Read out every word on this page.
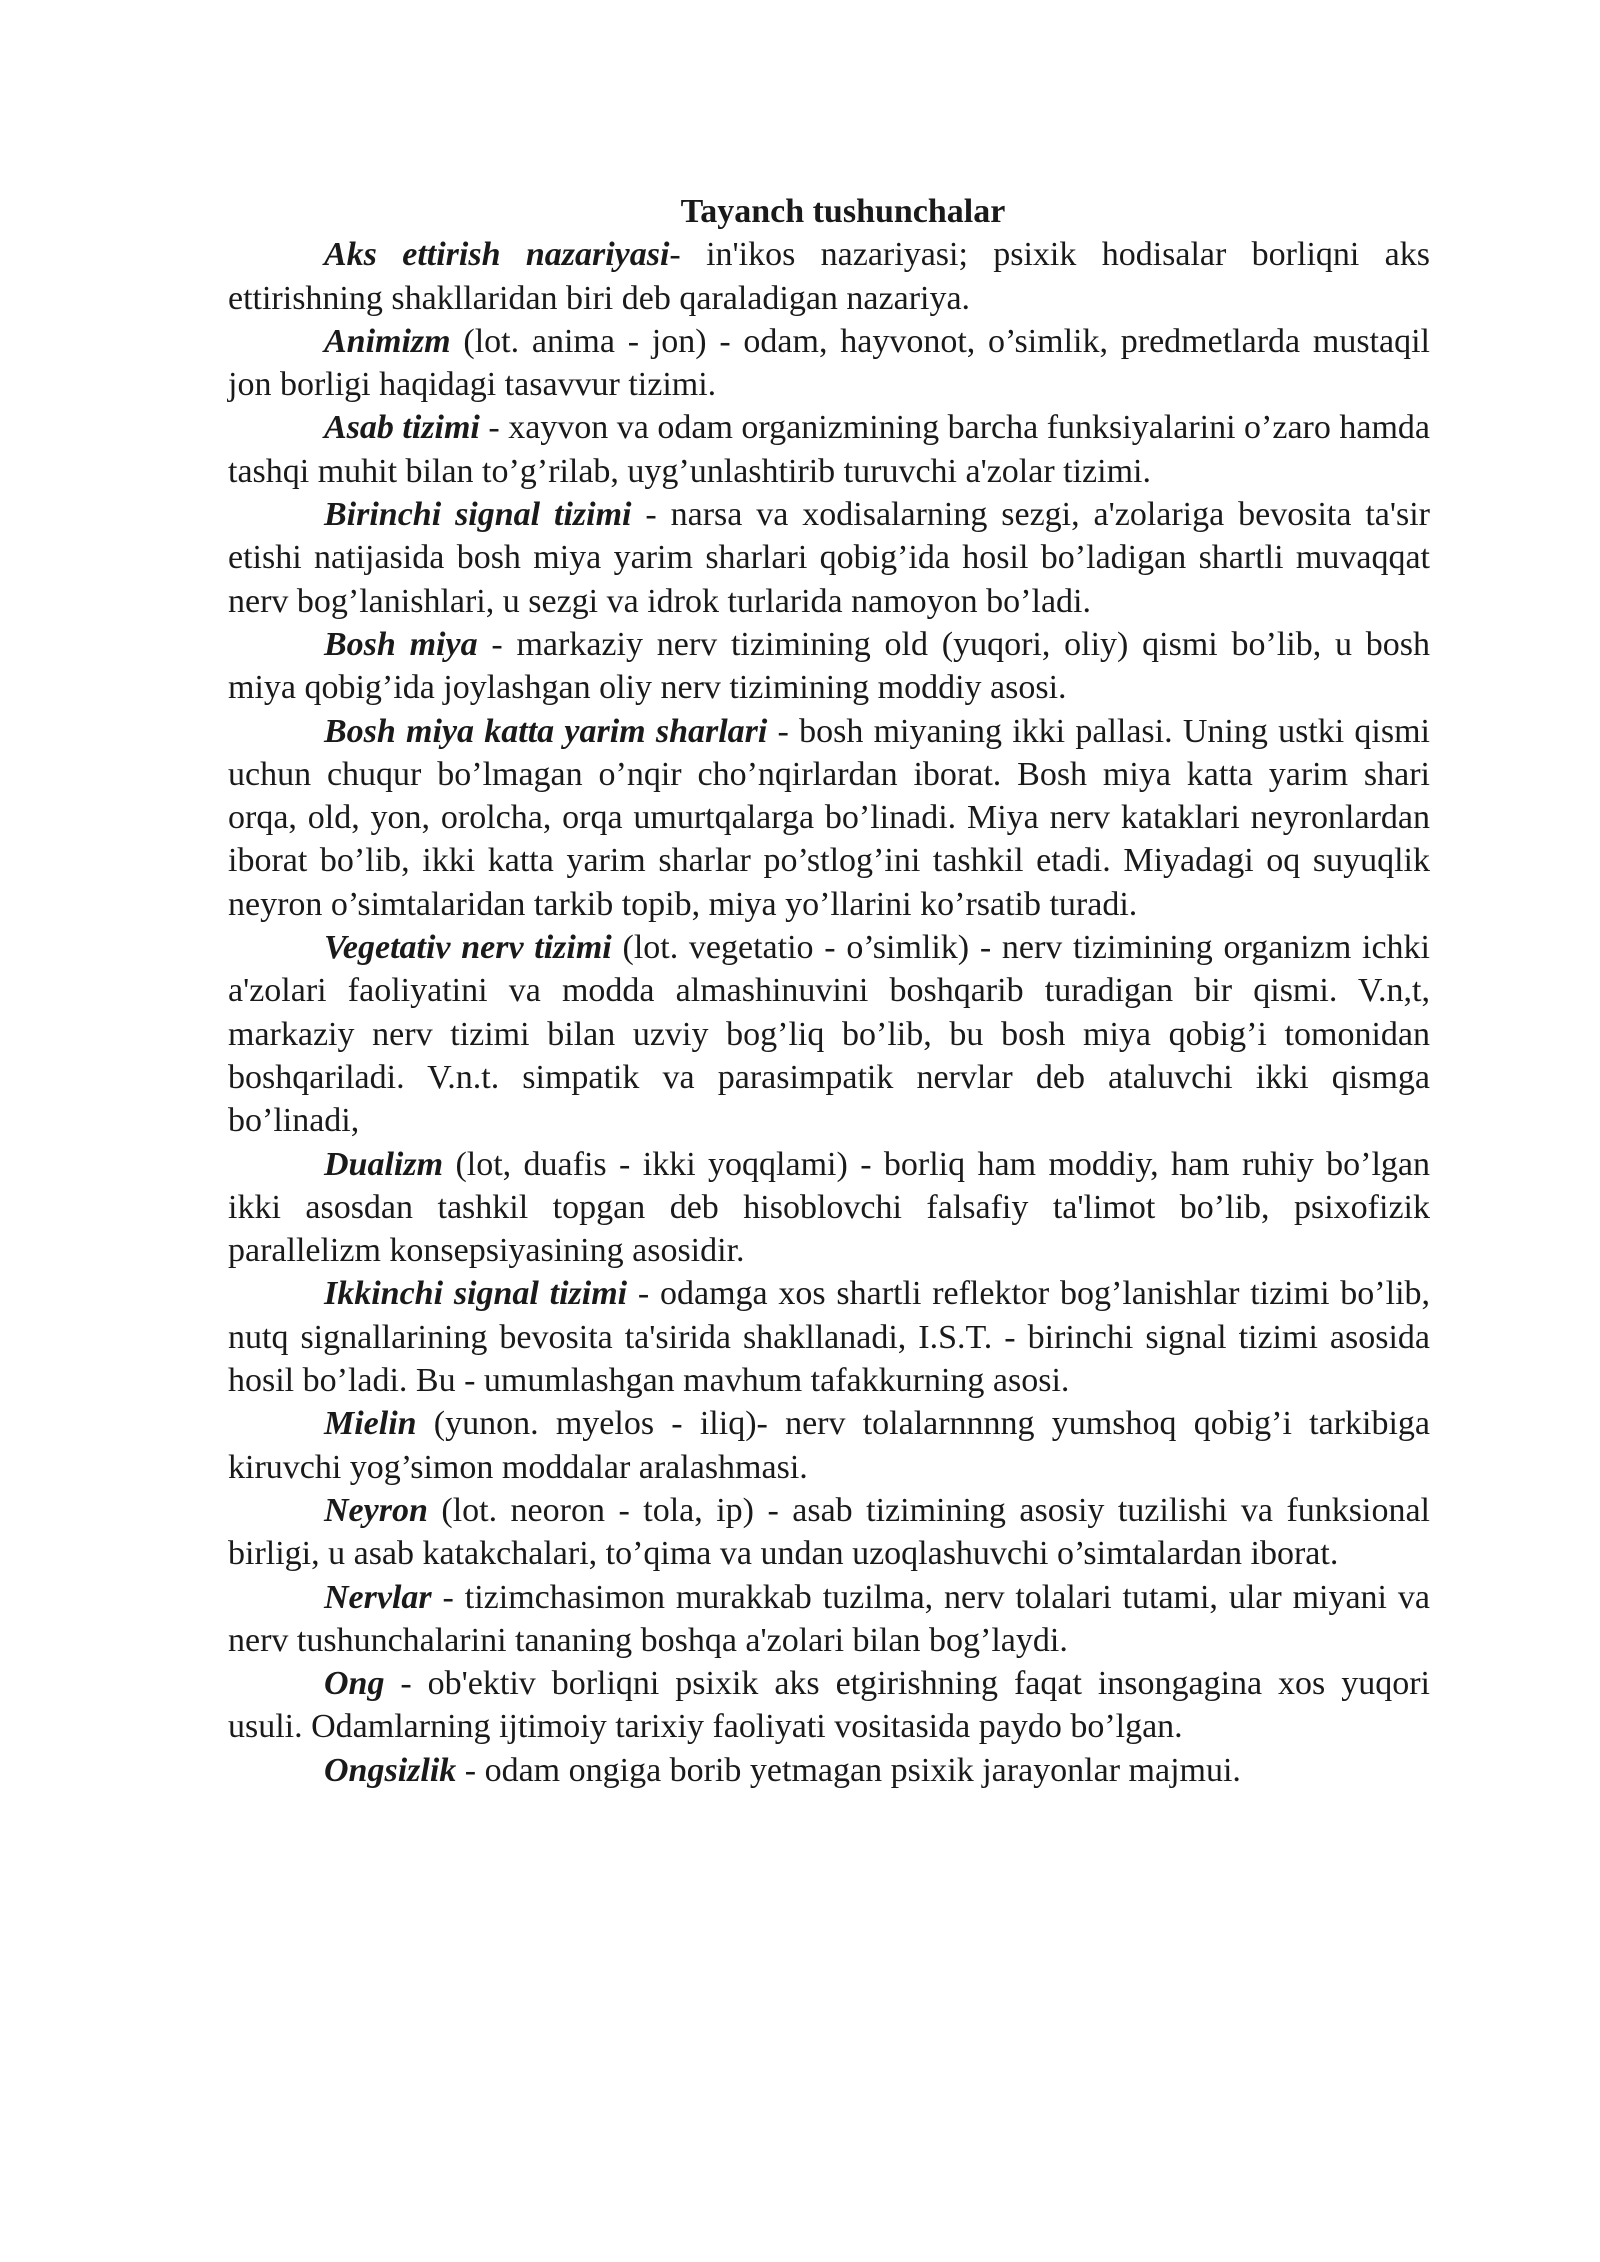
Tayanch tushunchalar

Aks ettirish nazariyasi- in'ikos nazariyasi; psixik hodisalar borliqni aks ettirishning shakllaridan biri deb qaraladigan nazariya.

Animizm (lot. anima - jon) - odam, hayvonot, o’simlik, predmetlarda mustaqil jon borligi haqidagi tasavvur tizimi.

Asab tizimi - xayvon va odam organizmining barcha funksiyalarini o’zaro hamda tashqi muhit bilan to’g’rilab, uyg’unlashtirib turuvchi a'zolar tizimi.

Birinchi signal tizimi - narsa va xodisalarning sezgi, a'zolariga bevosita ta'sir etishi natijasida bosh miya yarim sharlari qobig’ida hosil bo’ladigan shartli muvaqqat nerv bog’lanishlari, u sezgi va idrok turlarida namoyon bo’ladi.

Bosh miya - markaziy nerv tizimining old (yuqori, oliy) qismi bo’lib, u bosh miya qobig’ida joylashgan oliy nerv tizimining moddiy asosi.

Bosh miya katta yarim sharlari - bosh miyaning ikki pallasi. Uning ustki qismi uchun chuqur bo’lmagan o’nqir cho’nqirlardan iborat. Bosh miya katta yarim shari orqa, old, yon, orolcha, orqa umurtqalarga bo’linadi. Miya nerv kataklari neyronlardan iborat bo’lib, ikki katta yarim sharlar po’stlog’ini tashkil etadi. Miyadagi oq suyuqlik neyron o’simtalaridan tarkib topib, miya yo’llarini ko’rsatib turadi.

Vegetativ nerv tizimi (lot. vegetatio - o’simlik) - nerv tizimining organizm ichki a'zolari faoliyatini va modda almashinuvini boshqarib turadigan bir qismi. V.n,t, markaziy nerv tizimi bilan uzviy bog’liq bo’lib, bu bosh miya qobig’i tomonidan boshqariladi. V.n.t. simpatik va parasimpatik nervlar deb ataluvchi ikki qismga bo’linadi,

Dualizm (lot, duafis - ikki yoqqlami) - borliq ham moddiy, ham ruhiy bo’lgan ikki asosdan tashkil topgan deb hisoblovchi falsafiy ta'limot bo’lib, psixofizik parallelizm konsepsiyasining asosidir.

Ikkinchi signal tizimi - odamga xos shartli reflektor bog’lanishlar tizimi bo’lib, nutq signallarining bevosita ta'sirida shakllanadi, I.S.T. - birinchi signal tizimi asosida hosil bo’ladi. Bu - umumlashgan mavhum tafakkurning asosi.

Mielin (yunon. myelos - iliq)- nerv tolalarnnnng yumshoq qobig’i tarkibiga kiruvchi yog’simon moddalar aralashmasi.

Neyron (lot. neoron - tola, ip) - asab tizimining asosiy tuzilishi va funksional birligi, u asab katakchalari, to’qima va undan uzoqlashuvchi o’simtalardan iborat.

Nervlar - tizimchasimon murakkab tuzilma, nerv tolalari tutami, ular miyani va nerv tushunchalarini tananing boshqa a'zolari bilan bog’laydi.

Ong - ob'ektiv borliqni psixik aks etgirishning faqat insongagina xos yuqori usuli. Odamlarning ijtimoiy tarixiy faoliyati vositasida paydo bo’lgan.

Ongsizlik - odam ongiga borib yetmagan psixik jarayonlar majmui.
